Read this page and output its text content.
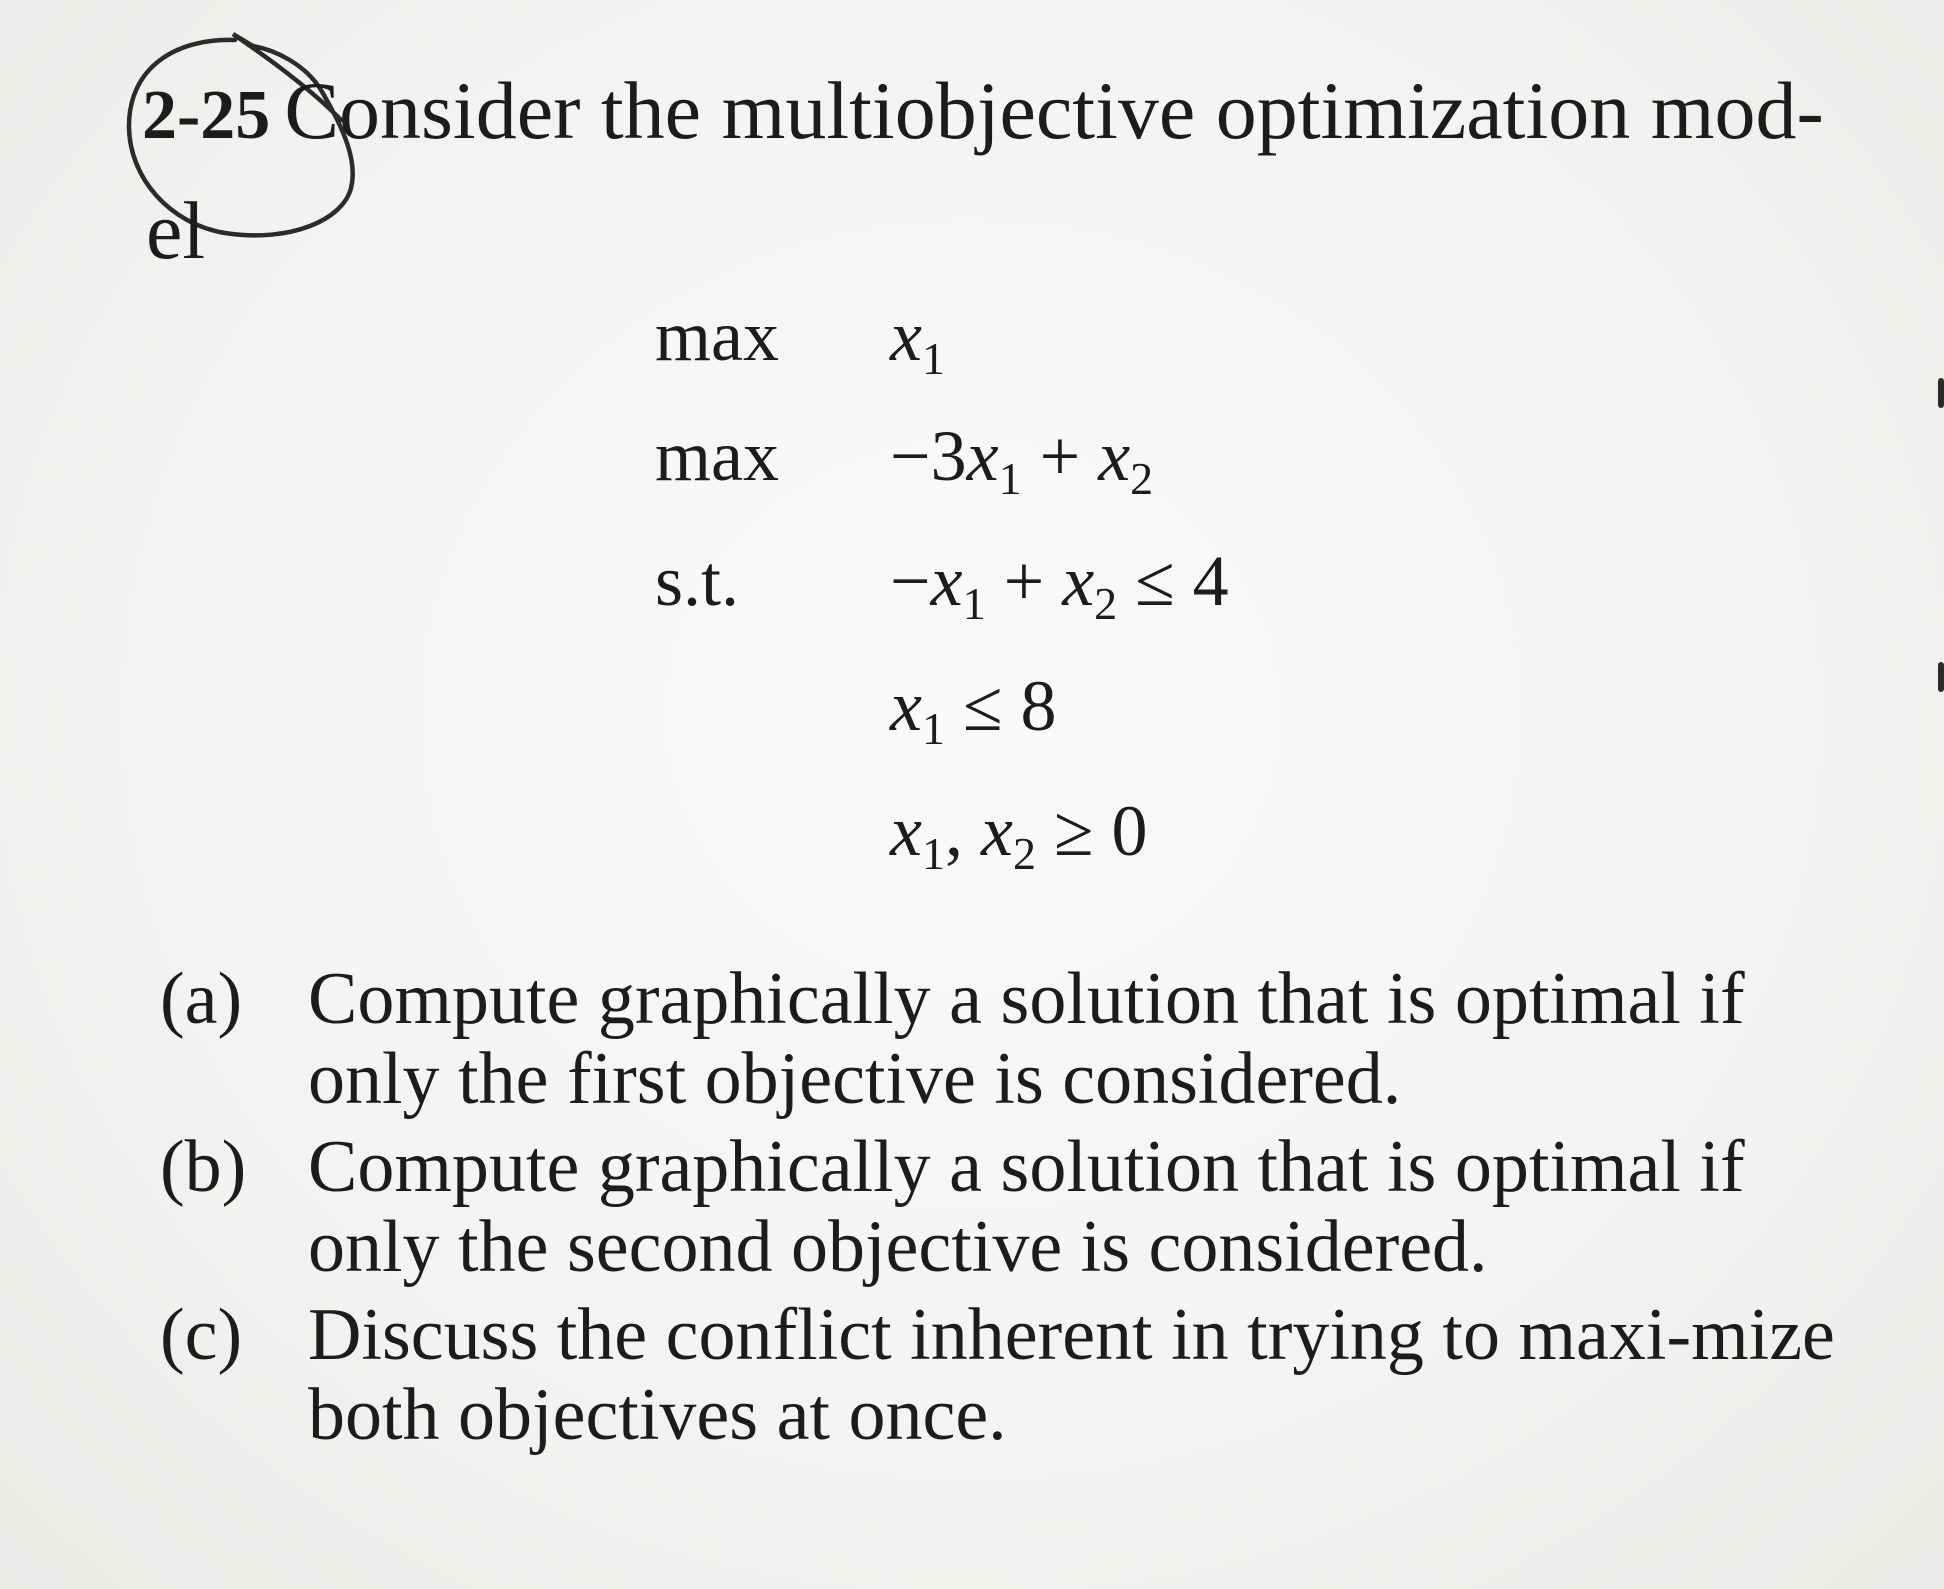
2-25 Consider the multiobjective optimization mod-
el
$\max x_1$
$\max -3x_1 + x_2$
s.t. $-x_1 + x_2 \le 4$
$x_1 \le 8$
$x_1$, $x_2 \ge 0$
(a) Compute graphically a solution that is optimal if only the first objective is considered.
(b) Compute graphically a solution that is optimal if only the second objective is considered.
(c) Discuss the conflict inherent in trying to maxi-mize both objectives at once.
